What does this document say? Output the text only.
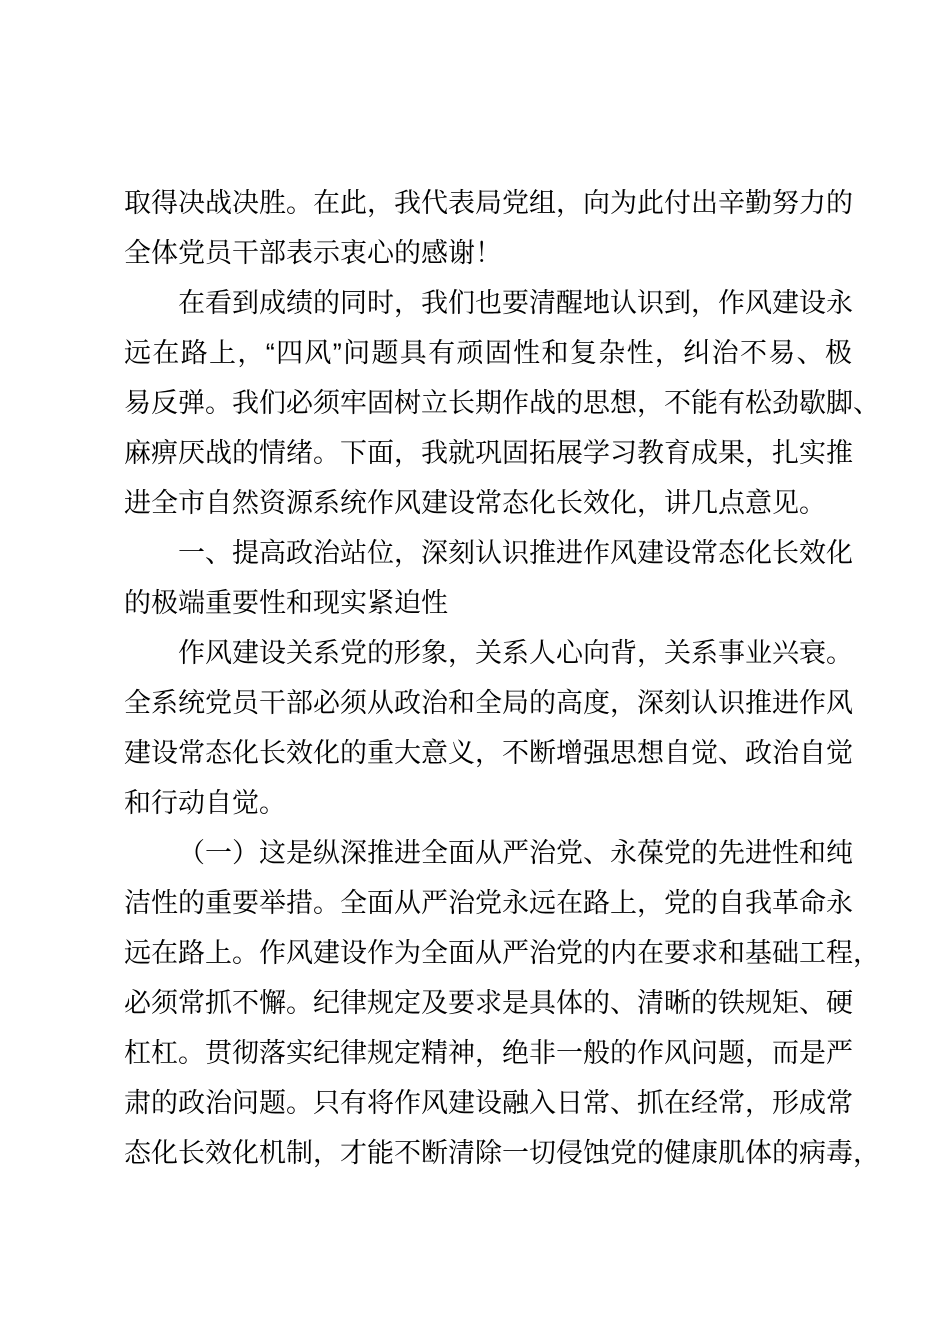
取得决战决胜。在此，我代表局党组，向为此付出辛勤努力的
全体党员干部表示衷心的感谢！
在看到成绩的同时，我们也要清醒地认识到，作风建设永
远在路上，“四风”问题具有顽固性和复杂性，纠治不易、极
易反弹。我们必须牢固树立长期作战的思想，不能有松劲歇脚、
麻痹厌战的情绪。下面，我就巩固拓展学习教育成果，扎实推
进全市自然资源系统作风建设常态化长效化，讲几点意见。
一、提高政治站位，深刻认识推进作风建设常态化长效化
的极端重要性和现实紧迫性
作风建设关系党的形象，关系人心向背，关系事业兴衰。
全系统党员干部必须从政治和全局的高度，深刻认识推进作风
建设常态化长效化的重大意义，不断增强思想自觉、政治自觉
和行动自觉。
（一）这是纵深推进全面从严治党、永葆党的先进性和纯
洁性的重要举措。全面从严治党永远在路上，党的自我革命永
远在路上。作风建设作为全面从严治党的内在要求和基础工程，
必须常抓不懈。纪律规定及要求是具体的、清晰的铁规矩、硬
杠杠。贯彻落实纪律规定精神，绝非一般的作风问题，而是严
肃的政治问题。只有将作风建设融入日常、抓在经常，形成常
态化长效化机制，才能不断清除一切侵蚀党的健康肌体的病毒，
